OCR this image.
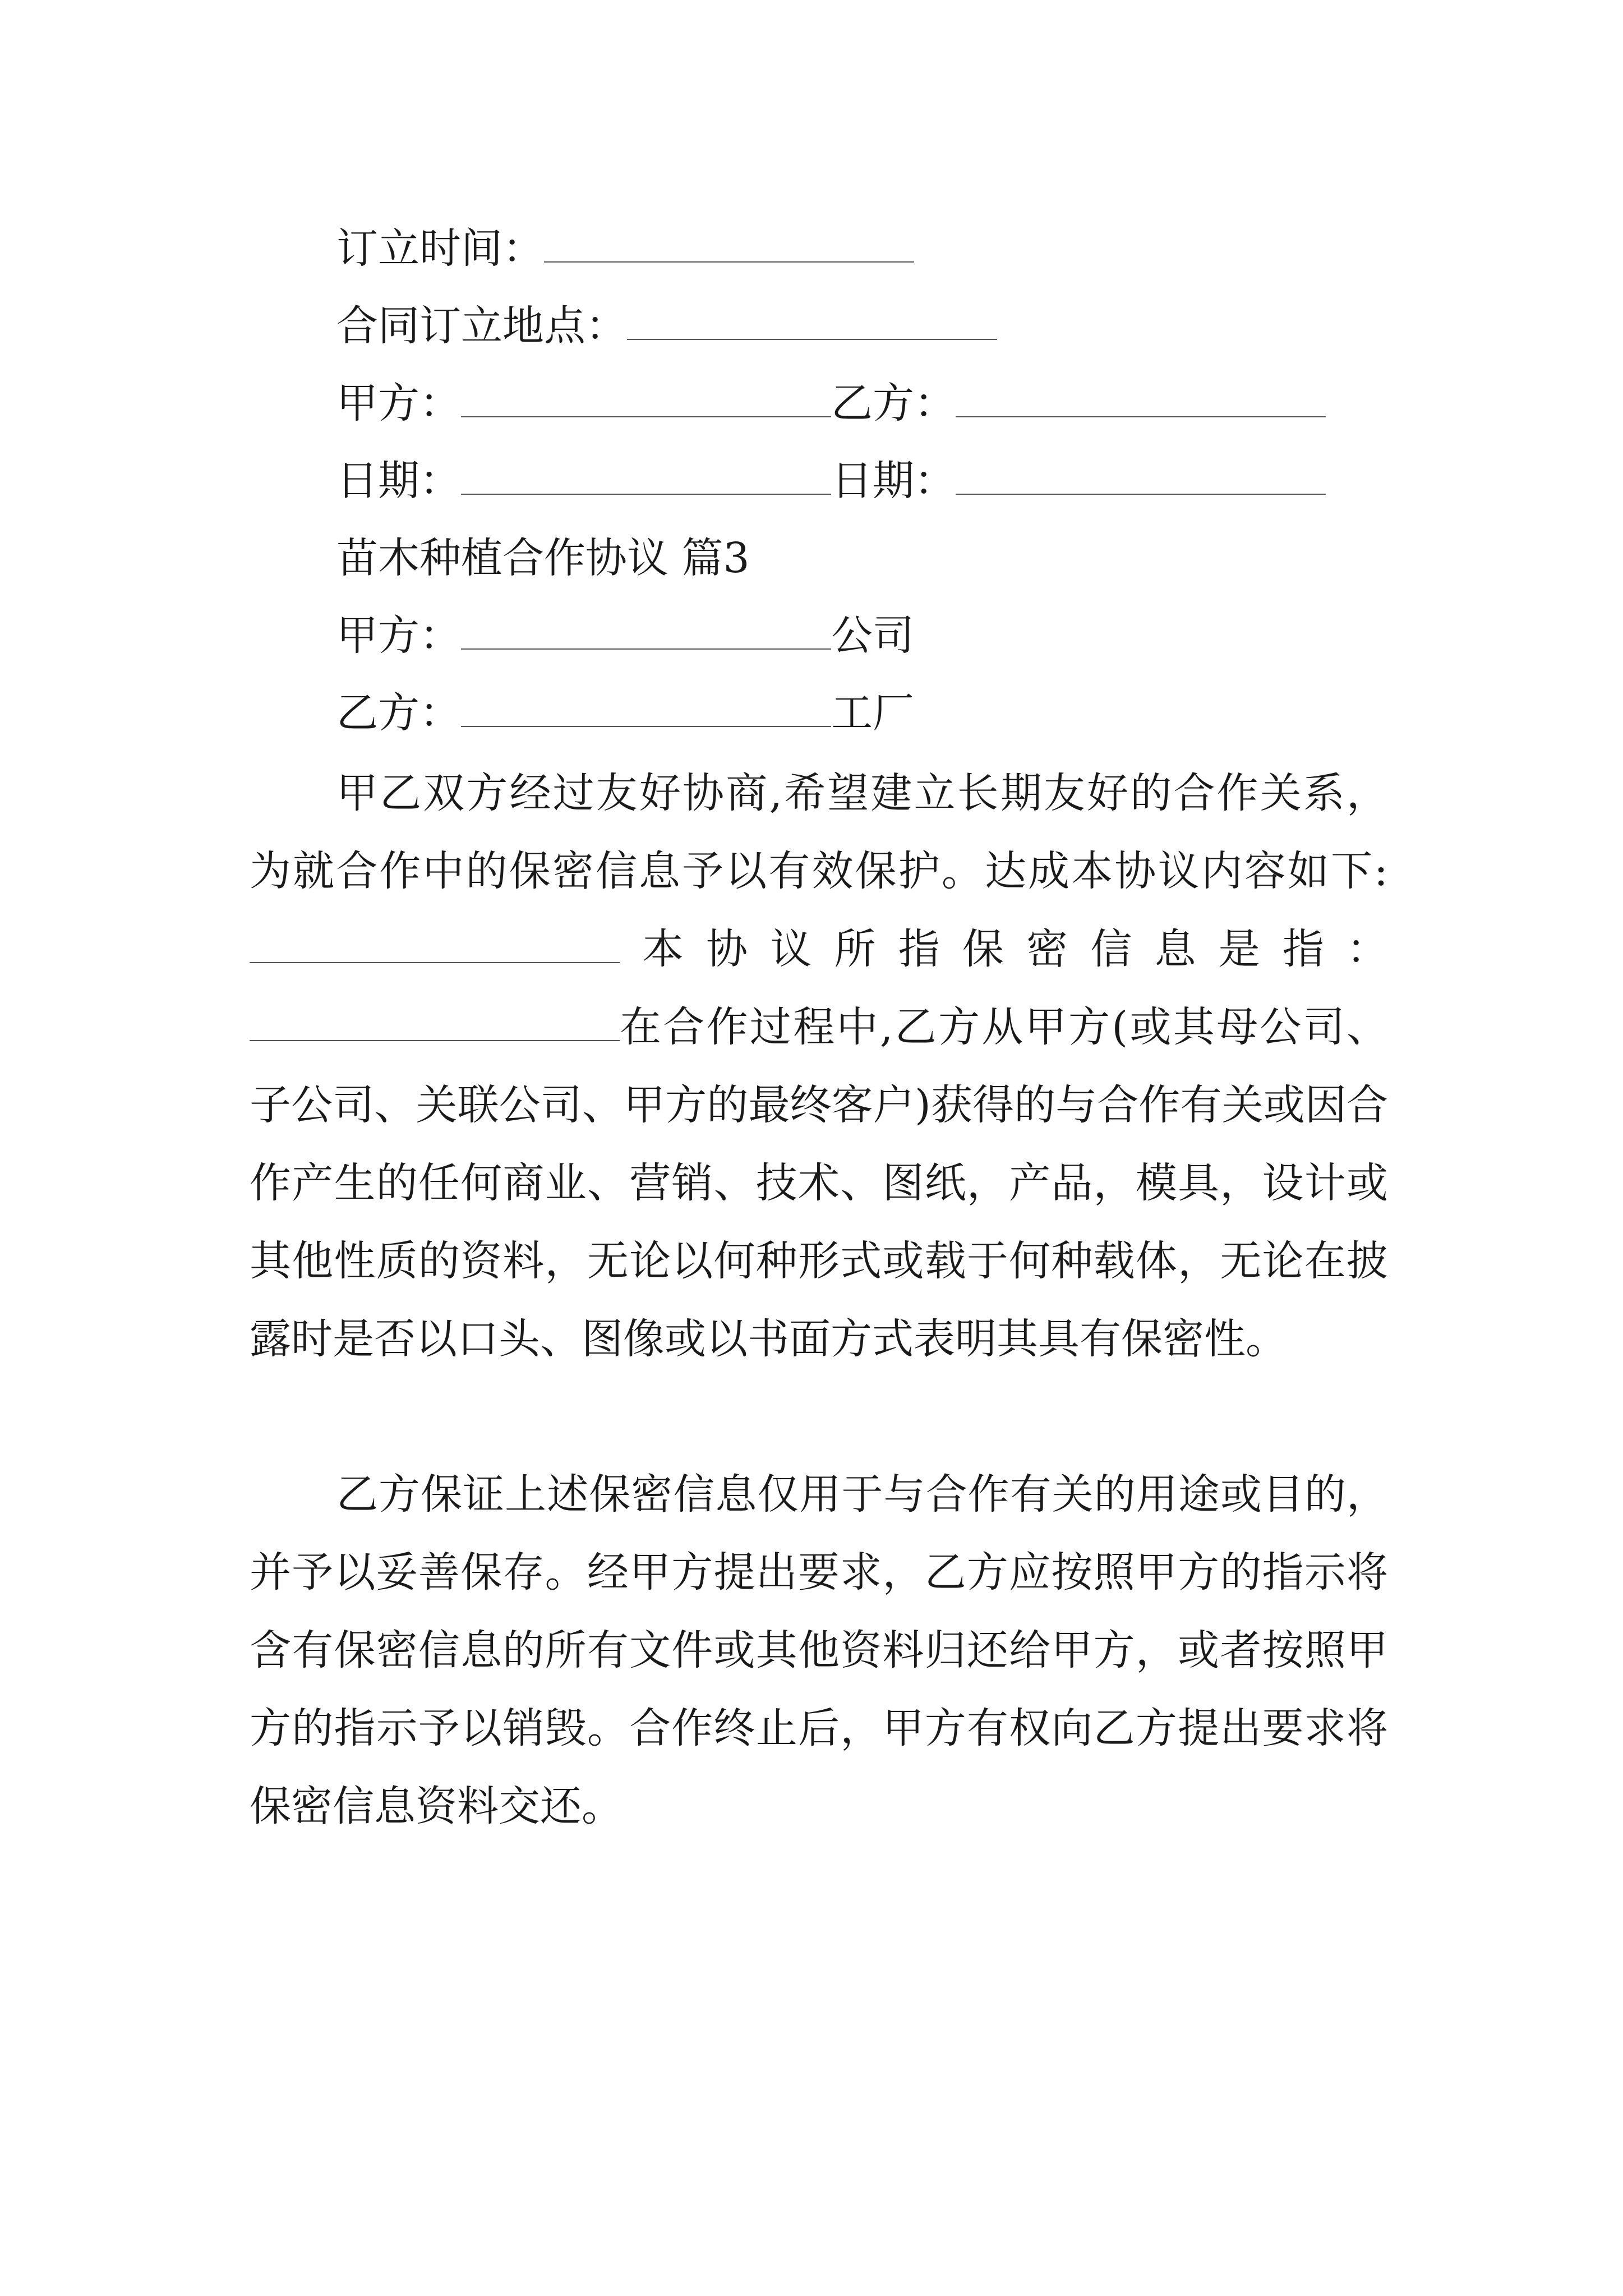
订立时间：
合同订立地点：
甲方：	乙方：
日期：	日期：
苗木种植合作协议 篇3
甲方：	公司
乙方：	工厂
甲乙双方经过友好协商,希望建立长期友好的合作关系，
为就合作中的保密信息予以有效保护。达成本协议内容如下:
本协议所指保密信息是指：
在合作过程中,乙方从甲方(或其母公司、
子公司、关联公司、甲方的最终客户)获得的与合作有关或因合作产生的任何商业、营销、技术、图纸，产品，模具，设计或其他性质的资料，无论以何种形式或载于何种载体，无论在披露时是否以口头、图像或以书面方式表明其具有保密性。
乙方保证上述保密信息仅用于与合作有关的用途或目的，并予以妥善保存。经甲方提出要求，乙方应按照甲方的指示将含有保密信息的所有文件或其他资料归还给甲方，或者按照甲方的指示予以销毁。合作终止后，甲方有权向乙方提出要求将保密信息资料交还。
